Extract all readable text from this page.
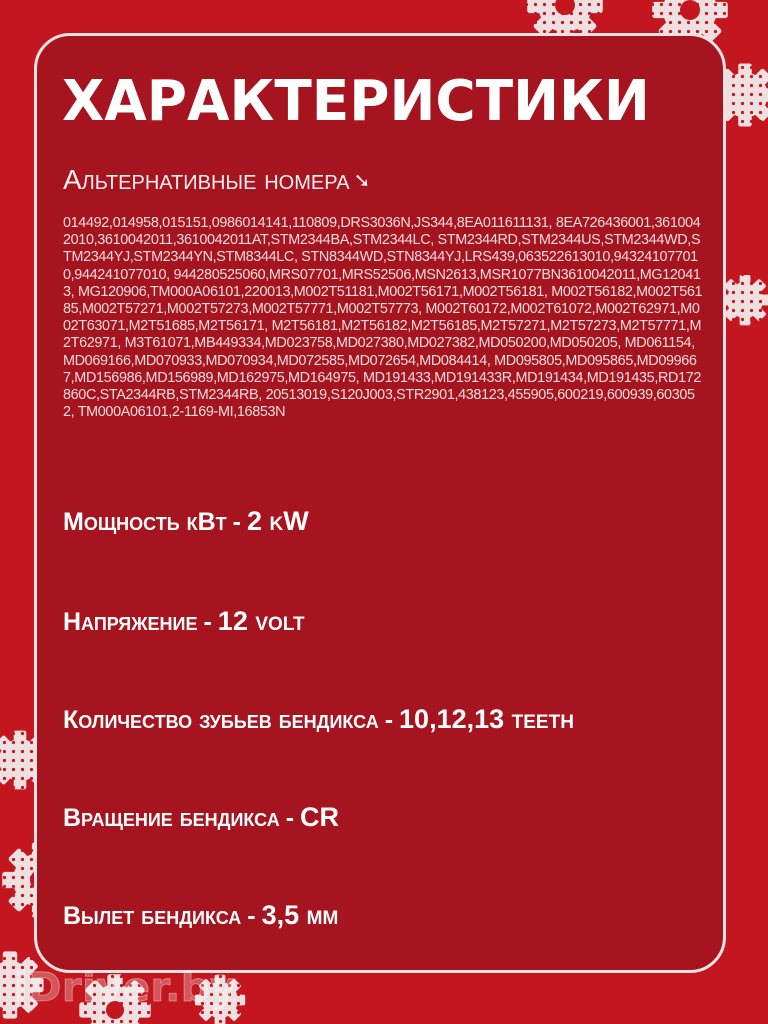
ХАРАКТЕРИСТИКИ
Альтернативные номера ➘
014492,014958,015151,0986014141,110809,DRS3036N,JS344,8EA011611131, 8EA726436001,3610042010,3610042011,3610042011AT,STM2344BA,STM2344LC, STM2344RD,STM2344US,STM2344WD,STM2344YJ,STM2344YN,STM8344LC, STN8344WD,STN8344YJ,LRS439,063522613010,943241077010,944241077010, 944280525060,MRS07701,MRS52506,MSN2613,MSR1077BN3610042011,MG120413, MG120906,TM000A06101,220013,M002T51181,M002T56171,M002T56181, M002T56182,M002T56185,M002T57271,M002T57273,M002T57771,M002T57773, M002T60172,M002T61072,M002T62971,M002T63071,M2T51685,M2T56171, M2T56181,M2T56182,M2T56185,M2T57271,M2T57273,M2T57771,M2T62971, M3T61071,MB449334,MD023758,MD027380,MD027382,MD050200,MD050205, MD061154,MD069166,MD070933,MD070934,MD072585,MD072654,MD084414, MD095805,MD095865,MD099667,MD156986,MD156989,MD162975,MD164975, MD191433,MD191433R,MD191434,MD191435,RD172860C,STA2344RB,STM2344RB, 20513019,S120J003,STR2901,438123,455905,600219,600939,603052, TM000A06101,2-1169-MI,16853N
Мощность кВт - 2 kW
Напряжение - 12 volt
Количество зубьев бендикса - 10,12,13 teeth
Вращение бендикса - CR
Вылет бендикса - 3,5 мм
iDriver.by
